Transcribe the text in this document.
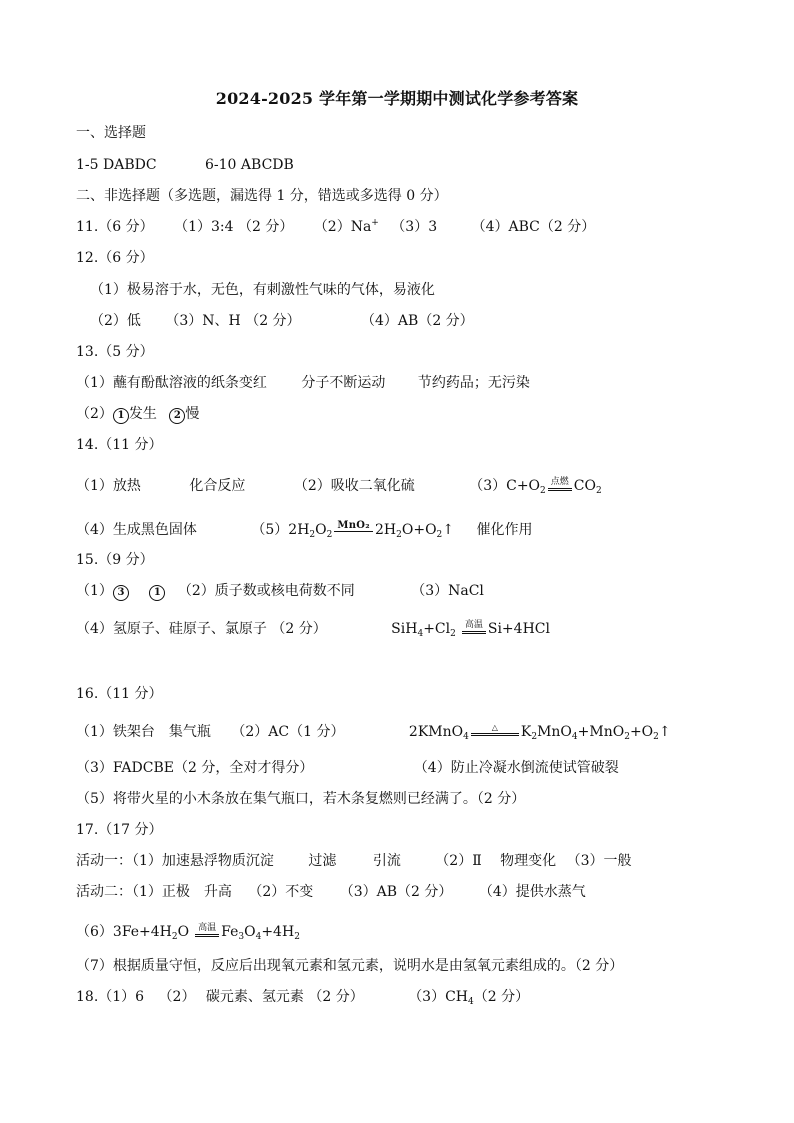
2024-2025 学年第一学期期中测试化学参考答案
一、选择题
1-5 DABDC	6-10 ABCDB
二、非选择题（多选题，漏选得 1 分，错选或多选得 0 分）
11.（6 分） （1）3:4 （2 分） （2）Na+ （3）3 （4）ABC（2 分）
12.（6 分）
（1）极易溶于水，无色，有刺激性气味的气体，易液化
（2）低 （3）N、H （2 分）	（4）AB（2 分）
13.（5 分）
（1）蘸有酚酞溶液的纸条变红 分子不断运动 节约药品；无污染
（2） 1 发生 2 慢
14.（11 分）
（1）放热	化合反应	（2）吸收二氧化硫	$(3)C+O_2$
点燃 $CO_2$
（4）生成黑色固体	$(5)2H_2O_2$
MnO₂ $2H_2O+O_2↑$ 催化作用
15.（9 分）
（1） 3	1 （2）质子数或核电荷数不同	（3）NaCl
（4）氢原子、硅原子、氯原子 （2 分）	$SiH_4+Cl_2$
高温 Si+4HCl
16.（11 分）
（1）铁架台　集气瓶 （2）AC（1 分）	2KMnO$_4$
△	$K_2MnO_4+MnO_2+O_2↑$
（3）FADCBE（2 分，全对才得分）	（4）防止冷凝水倒流使试管破裂
（5）将带火星的小木条放在集气瓶口，若木条复燃则已经满了。（2 分）
17.（17 分）
活动一：（1）加速悬浮物质沉淀 过滤	引流 （2）Ⅱ 物理变化 （3）一般
活动二：（1）正极　升高 （2）不变 （3）AB（2 分） （4）提供水蒸气
$(6)3Fe+4H_2O$	高温 $Fe_3O_4+4H_2$
（7）根据质量守恒，反应后出现氧元素和氢元素，说明水是由氢氧元素组成的。（2 分）
18.（1）6 （2） 碳元素、氢元素 （2 分）	$(3)CH_4(2$ 分）
